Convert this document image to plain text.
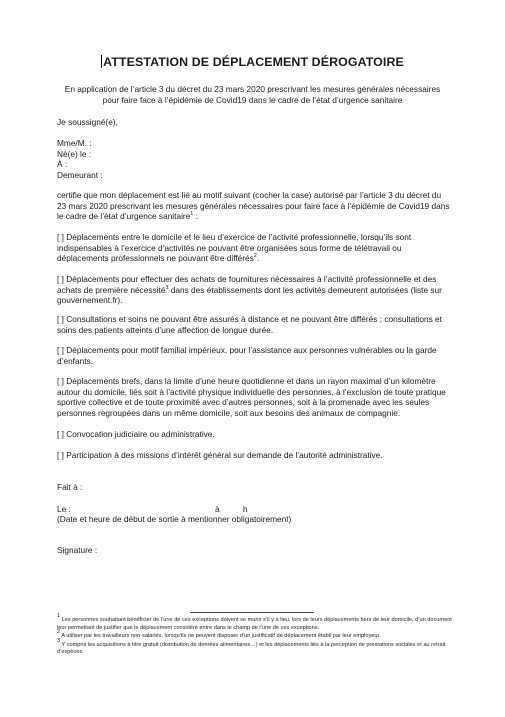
ATTESTATION DE DÉPLACEMENT DÉROGATOIRE

En application de l’article 3 du décret du 23 mars 2020 prescrivant les mesures générales nécessaires pour faire face à l’épidémie de Covid19 dans le cadre de l’état d’urgence sanitaire

Je soussigné(e),

Mme/M. :
Né(e) le :
À :
Demeurant :

certifie que mon déplacement est lié au motif suivant (cocher la case) autorisé par l’article 3 du décret du 23 mars 2020 prescrivant les mesures générales nécessaires pour faire face à l’épidémie de Covid19 dans le cadre de l’état d’urgence sanitaire$^1$ :

[ ] Déplacements entre le domicile et le lieu d’exercice de l’activité professionnelle, lorsqu’ils sont indispensables à l’exercice d’activités ne pouvant être organisées sous forme de télétravail ou déplacements professionnels ne pouvant être différés$^2$.

[ ] Déplacements pour effectuer des achats de fournitures nécessaires à l’activité professionnelle et des achats de première nécessité$^3$ dans des établissements dont les activités demeurent autorisées (liste sur gouvernement.fr).

[ ] Consultations et soins ne pouvant être assurés à distance et ne pouvant être différés ; consultations et soins des patients atteints d’une affection de longue durée.

[ ] Déplacements pour motif familial impérieux, pour l’assistance aux personnes vulnérables ou la garde d’enfants.

[ ] Déplacements brefs, dans la limite d’une heure quotidienne et dans un rayon maximal d’un kilomètre autour du domicile, liés soit à l’activité physique individuelle des personnes, à l’exclusion de toute pratique sportive collective et de toute proximité avec d’autres personnes, soit à la promenade avec les seules personnes regroupées dans un même domicile, soit aux besoins des animaux de compagnie.

[ ] Convocation judiciaire ou administrative.

[ ] Participation à des missions d’intérêt général sur demande de l’autorité administrative.

Fait à :

Le :	à	h

(Date et heure de début de sortie à mentionner obligatoirement)

Signature :

$^1$ Les personnes souhaitant bénéficier de l’une de ces exceptions doivent se munir s’il y a lieu, lors de leurs déplacements hors de leur domicile, d’un document leur permettant de justifier que le déplacement considéré entre dans le champ de l’une de ces exceptions.

$^2$ A utiliser par les travailleurs non-salariés, lorsqu’ils ne peuvent disposer d’un justificatif de déplacement établi par leur employeur.

$^3$ Y compris les acquisitions à titre gratuit (distribution de denrées alimentaires…) et les déplacements liés à la perception de prestations sociales et au retrait d’espèces.
